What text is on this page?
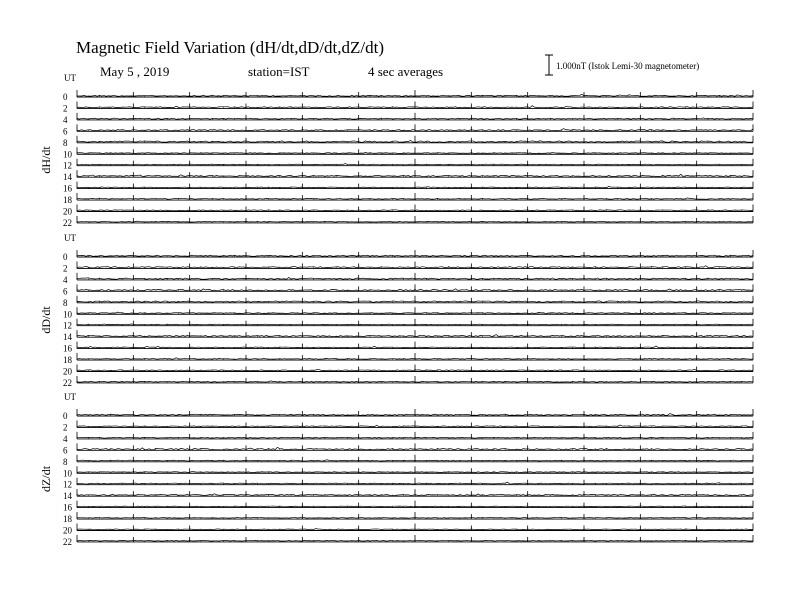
Magnetic Field Variation (dH/dt,dD/dt,dZ/dt)
May 5 , 2019	station=IST	4 sec averages	1.000nT (Istok Lemi-30 magnetometer)
UT
dH/dt
0
2
4
6
8
10
12
14
16
18
20
22
UT
dD/dt
0
2
4
6
8
10
12
14
16
18
20
22
UT
dZ/dt
0
2
4
6
8
10
12
14
16
18
20
22
